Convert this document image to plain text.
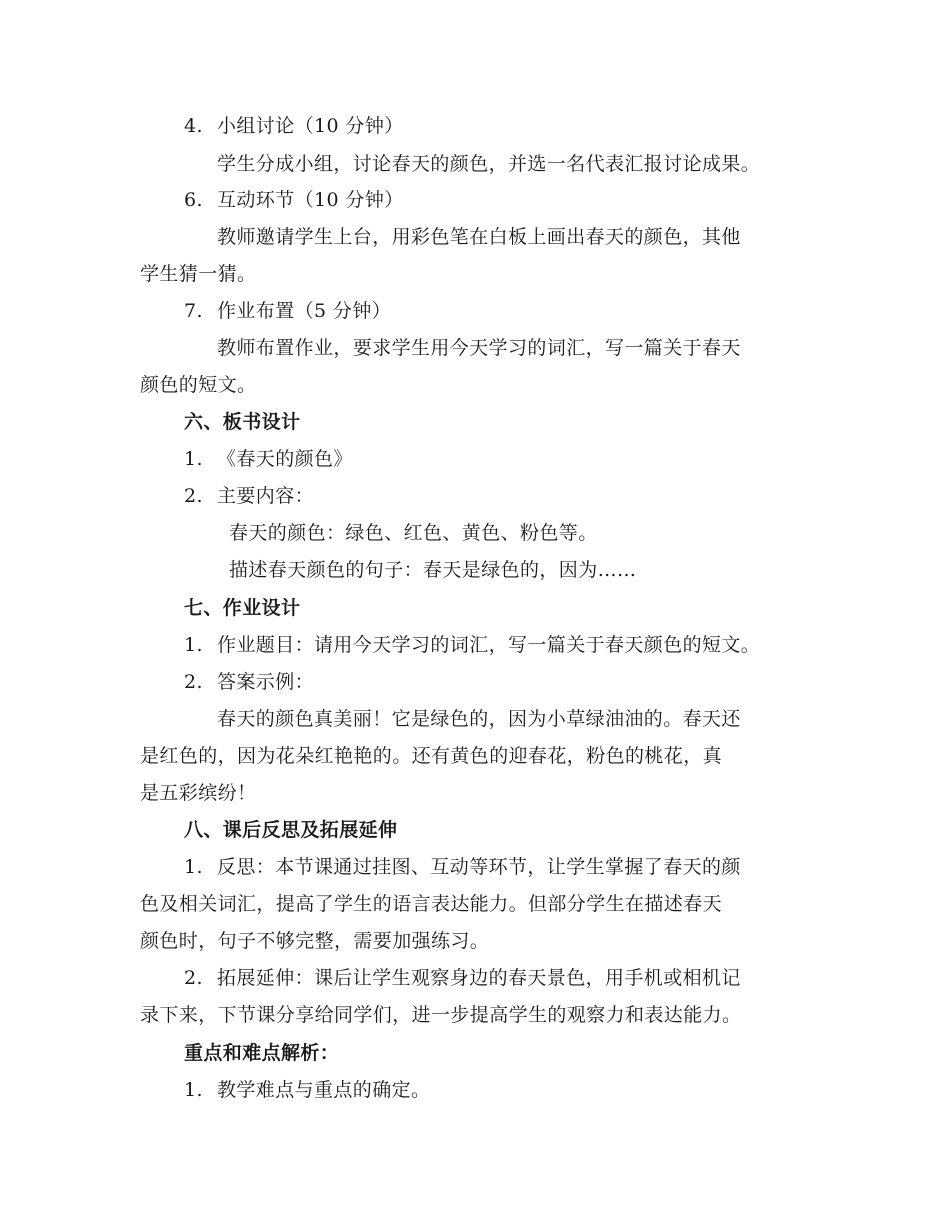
4. 小组讨论（10 分钟）
学生分成小组，讨论春天的颜色，并选一名代表汇报讨论成果。
6. 互动环节（10 分钟）
教师邀请学生上台，用彩色笔在白板上画出春天的颜色，其他
学生猜一猜。
7. 作业布置（5 分钟）
教师布置作业，要求学生用今天学习的词汇，写一篇关于春天
颜色的短文。
六、板书设计
1. 《春天的颜色》
2. 主要内容：
春天的颜色：绿色、红色、黄色、粉色等。
描述春天颜色的句子：春天是绿色的，因为……
七、作业设计
1. 作业题目：请用今天学习的词汇，写一篇关于春天颜色的短文。
2. 答案示例：
春天的颜色真美丽！它是绿色的，因为小草绿油油的。春天还
是红色的，因为花朵红艳艳的。还有黄色的迎春花，粉色的桃花，真
是五彩缤纷！
八、课后反思及拓展延伸
1. 反思：本节课通过挂图、互动等环节，让学生掌握了春天的颜
色及相关词汇，提高了学生的语言表达能力。但部分学生在描述春天
颜色时，句子不够完整，需要加强练习。
2. 拓展延伸：课后让学生观察身边的春天景色，用手机或相机记
录下来，下节课分享给同学们，进一步提高学生的观察力和表达能力。
重点和难点解析：
1. 教学难点与重点的确定。
